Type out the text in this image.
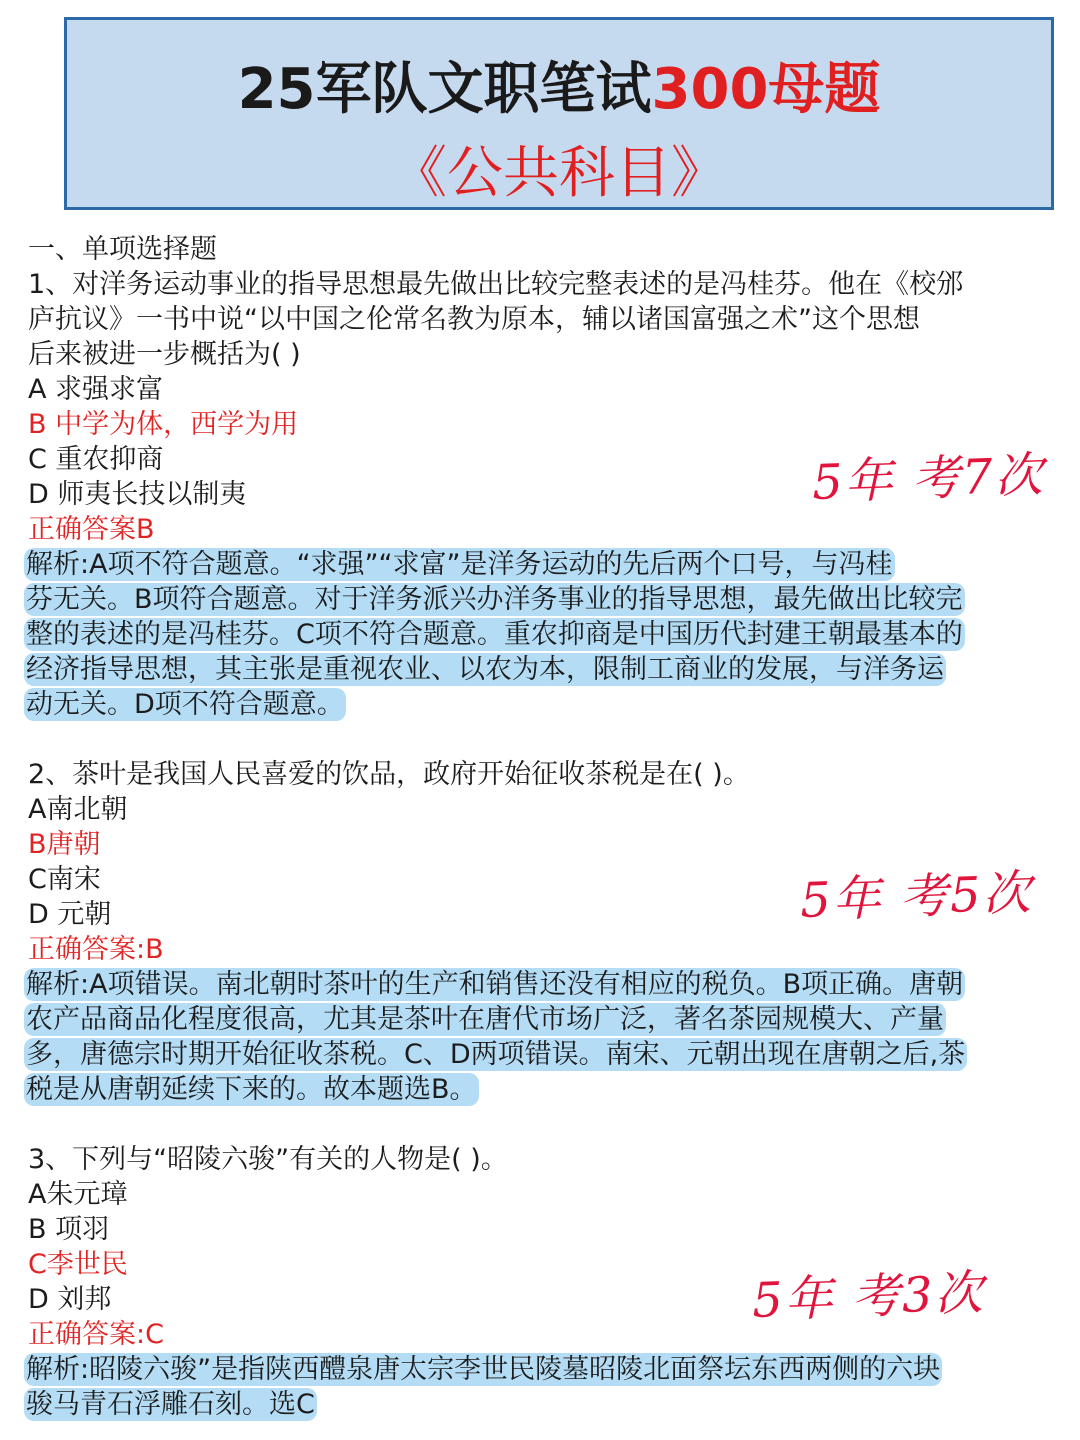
25军队文职笔试300母题
《公共科目》
一、单项选择题
1、对洋务运动事业的指导思想最先做出比较完整表述的是冯桂芬。他在《校邠
庐抗议》一书中说“以中国之伦常名教为原本，辅以诸国富强之术”这个思想
后来被进一步概括为( )
A 求强求富
B 中学为体，西学为用
C 重农抑商
D 师夷长技以制夷
正确答案B
解析:A项不符合题意。“求强”“求富”是洋务运动的先后两个口号，与冯桂
芬无关。B项符合题意。对于洋务派兴办洋务事业的指导思想，最先做出比较完
整的表述的是冯桂芬。C项不符合题意。重农抑商是中国历代封建王朝最基本的
经济指导思想，其主张是重视农业、以农为本，限制工商业的发展，与洋务运
动无关。D项不符合题意。
2、茶叶是我国人民喜爱的饮品，政府开始征收茶税是在( )。
A南北朝
B唐朝
C南宋
D 元朝
正确答案:B
解析:A项错误。南北朝时茶叶的生产和销售还没有相应的税负。B项正确。唐朝
农产品商品化程度很高，尤其是茶叶在唐代市场广泛，著名茶园规模大、产量
多，唐德宗时期开始征收茶税。C、D两项错误。南宋、元朝出现在唐朝之后,茶
税是从唐朝延续下来的。故本题选B。
3、下列与“昭陵六骏”有关的人物是( )。
A朱元璋
B 项羽
C李世民
D 刘邦
正确答案:C
解析:昭陵六骏”是指陕西醴泉唐太宗李世民陵墓昭陵北面祭坛东西两侧的六块
骏马青石浮雕石刻。选C
5年 考7次
5年 考5次
5年 考3次
